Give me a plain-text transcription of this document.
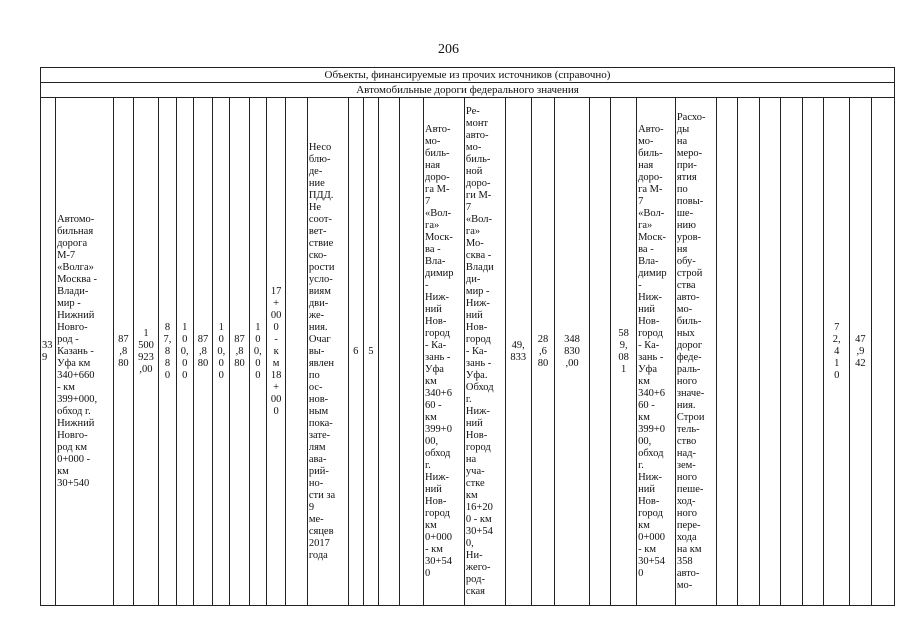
206
Объекты, финансируемые из прочих источников (справочно)
Автомобильные дороги федерального значения
33
9	Автомо-
бильная
дорога
М-7
«Волга»
Москва -
Влади-
мир -
Нижний
Новго-
род -
Казань -
Уфа км
340+660
- км
399+000,
обход г.
Нижний
Новго-
род км
0+000 -
км
30+540	87
,8
80	1
500
923
,00	8
7,
8
8
0	1
0
0,
0
0	87
,8
80	1
0
0,
0
0	87
,8
80	1
0
0,
0
0	17
+
00
0
-
к
м
18
+
00
0		Несо
блю-
де-
ние
ПДД.
Не
соот-
вет-
ствие
ско-
рости
усло-
виям
дви-
же-
ния.
Очаг
вы-
явлен
по
ос-
нов-
ным
пока-
зате-
лям
ава-
рий-
но-
сти за
9
ме-
сяцев
2017
года	6	5			Авто-
мо-
биль-
ная
доро-
га М-
7
«Вол-
га»
Моск-
ва -
Вла-
димир
-
Ниж-
ний
Нов-
город
- Ка-
зань -
Уфа
км
340+6
60 -
км
399+0
00,
обход
г.
Ниж-
ний
Нов-
город
км
0+000
- км
30+54
0	Ре-
монт
авто-
мо-
биль-
ной
доро-
ги М-
7
«Вол-
га»
Мо-
сква -
Влади
ди-
мир -
Ниж-
ний
Нов-
город
- Ка-
зань -
Уфа.
Обход
г.
Ниж-
ний
Нов-
город
на
уча-
стке
км
16+20
0 - км
30+54
0,
Ни-
жего-
род-
ская	49,
833	28
,6
80	348
830
,00		58
9,
08
1	Авто-
мо-
биль-
ная
доро-
га М-
7
«Вол-
га»
Моск-
ва -
Вла-
димир
-
Ниж-
ний
Нов-
город
- Ка-
зань -
Уфа
км
340+6
60 -
км
399+0
00,
обход
г.
Ниж-
ний
Нов-
город
км
0+000
- км
30+54
0	Расхо-
ды
на
меро-
при-
ятия
по
повы-
ше-
нию
уров-
ня
обу-
строй
ства
авто-
мо-
биль-
ных
дорог
феде-
раль-
ного
значе-
ния.
Строи
тель-
ство
над-
зем-
ного
пеше-
ход-
ного
пере-
хода
на км
358
авто-
мо-						7
2,
4
1
0	47
,9
42	
